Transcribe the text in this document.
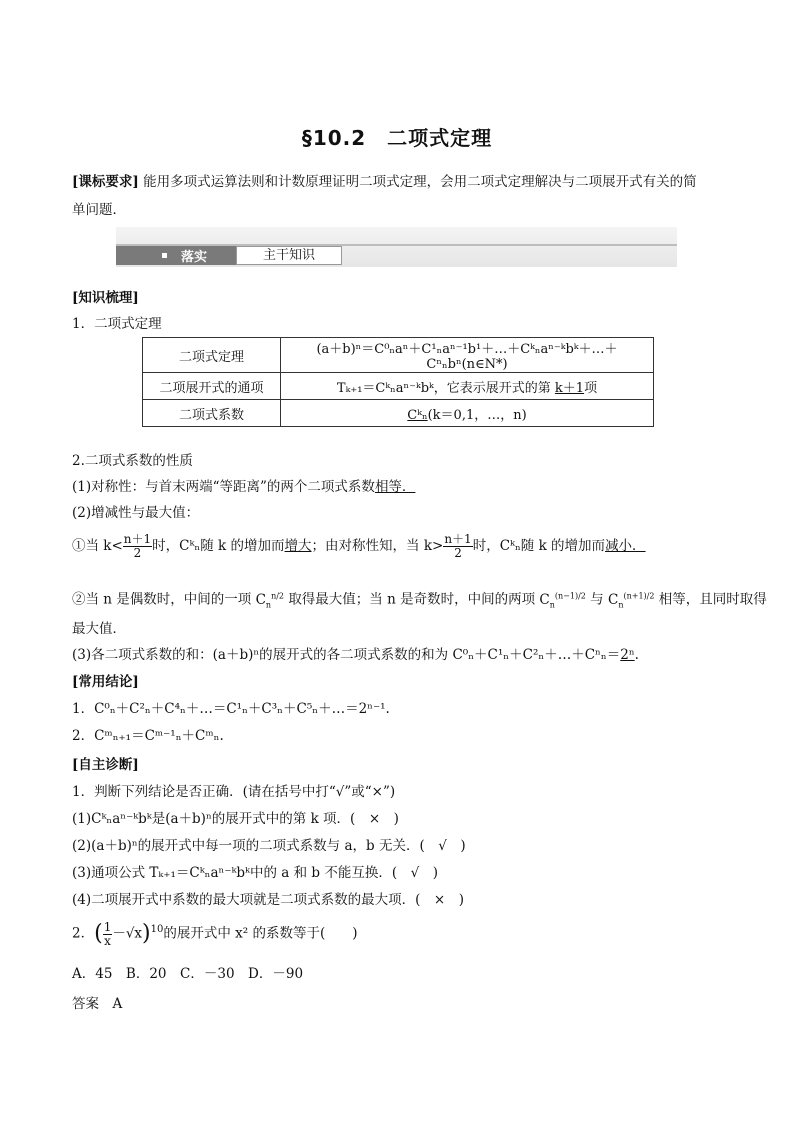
§10.2　二项式定理
[课标要求] 能用多项式运算法则和计数原理证明二项式定理，会用二项式定理解决与二项展开式有关的简
单问题．
落实	主干知识
[知识梳理]
1．二项式定理
二项式定理	(a＋b)ⁿ＝C⁰ₙaⁿ＋C¹ₙaⁿ⁻¹b¹＋…＋Cᵏₙaⁿ⁻ᵏbᵏ＋…＋Cⁿₙbⁿ(n∈N*)
二项展开式的通项	Tₖ₊₁＝Cᵏₙaⁿ⁻ᵏbᵏ，它表示展开式的第 k＋1项
二项式系数	Cᵏₙ(k＝0,1，…，n)
2.二项式系数的性质
(1)对称性：与首末两端“等距离”的两个二项式系数相等．
(2)增减性与最大值：
①当 $k< \frac{n+1}{2}$ 时，Cᵏₙ随 k 的增加而增大；由对称性知，当 $k> \frac{n+1}{2}$ 时，Cᵏₙ随 k 的增加而减小．
②当 n 是偶数时，中间的一项 $C_n^{n/2}$ 取得最大值；当 n 是奇数时，中间的两项 $C_n^{(n-1)/2}$ 与 $C_n^{(n+1)/2}$ 相等，且同时取得
最大值．
(3)各二项式系数的和：(a＋b)ⁿ的展开式的各二项式系数的和为 C⁰ₙ＋C¹ₙ＋C²ₙ＋…＋Cⁿₙ＝2ⁿ.
[常用结论]
1．C⁰ₙ＋C²ₙ＋C⁴ₙ＋…＝C¹ₙ＋C³ₙ＋C⁵ₙ＋…＝2ⁿ⁻¹.
2．Cᵐₙ₊₁＝Cᵐ⁻¹ₙ＋Cᵐₙ.
[自主诊断]
1．判断下列结论是否正确．(请在括号中打“√”或“×”)
(1)Cᵏₙaⁿ⁻ᵏbᵏ是(a＋b)ⁿ的展开式中的第 k 项．(　×　)
(2)(a＋b)ⁿ的展开式中每一项的二项式系数与 a，b 无关．(　√　)
(3)通项公式 Tₖ₊₁＝Cᵏₙaⁿ⁻ᵏbᵏ中的 a 和 b 不能互换．(　√　)
(4)二项展开式中系数的最大项就是二项式系数的最大项．(　×　)
2．( $\frac{1}{x} -√x)^{10}$的展开式中 x² 的系数等于(　　)
A．45　B．20　C．－30　D．－90
答案　A
